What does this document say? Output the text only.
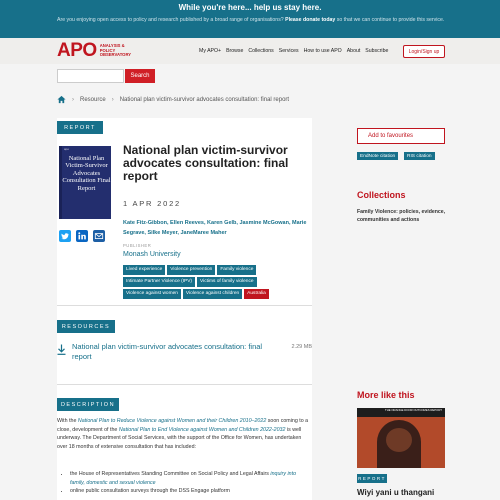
While you're here... help us stay here.
Are you enjoying open access to policy and research published by a broad range of organisations? Please donate today so that we can continue to provide this service.
APO ANALYSIS & POLICY OBSERVATORY
My APO+ Browse Collections Services How to use APO About Subscribe	Login/Sign up
Search
› Resource › National plan victim-survivor advocates consultation: final report
REPORT
apo
National Plan Victim-Survivor Advocates Consultation Final Report
National plan victim-survivor advocates consultation: final report
1 APR 2022
Kate Fitz-Gibbon, Ellen Reeves, Karen Gelb, Jasmine McGowan, Marie Segrave, Silke Meyer, JaneMaree Maher
PUBLISHER
Monash University
Lived experience	Violence prevention	Family violence
Intimate Partner Violence (IPV)	Victims of family violence
Violence against women	Violence against children	Australia
RESOURCES
National plan victim-survivor advocates consultation: final report
2.29 MB
DESCRIPTION
With the National Plan to Reduce Violence against Women and their Children 2010–2022 soon coming to a close, development of the National Plan to End Violence against Women and Children 2022-2032 is well underway. The Department of Social Services, with the support of the Office for Women, has undertaken over 18 months of extensive consultation that has included:
• the House of Representatives Standing Committee on Social Policy and Legal Affairs inquiry into family, domestic and sexual violence
• online public consultation surveys through the DSS Engage platform
Add to favourites
EndNote citation	RIS citation
Collections
Family Violence: policies, evidence, communities and actions
More like this
THE ORANGE DOOR OUTCOMES REPORT
REPORT
Wiyi yani u thangani
